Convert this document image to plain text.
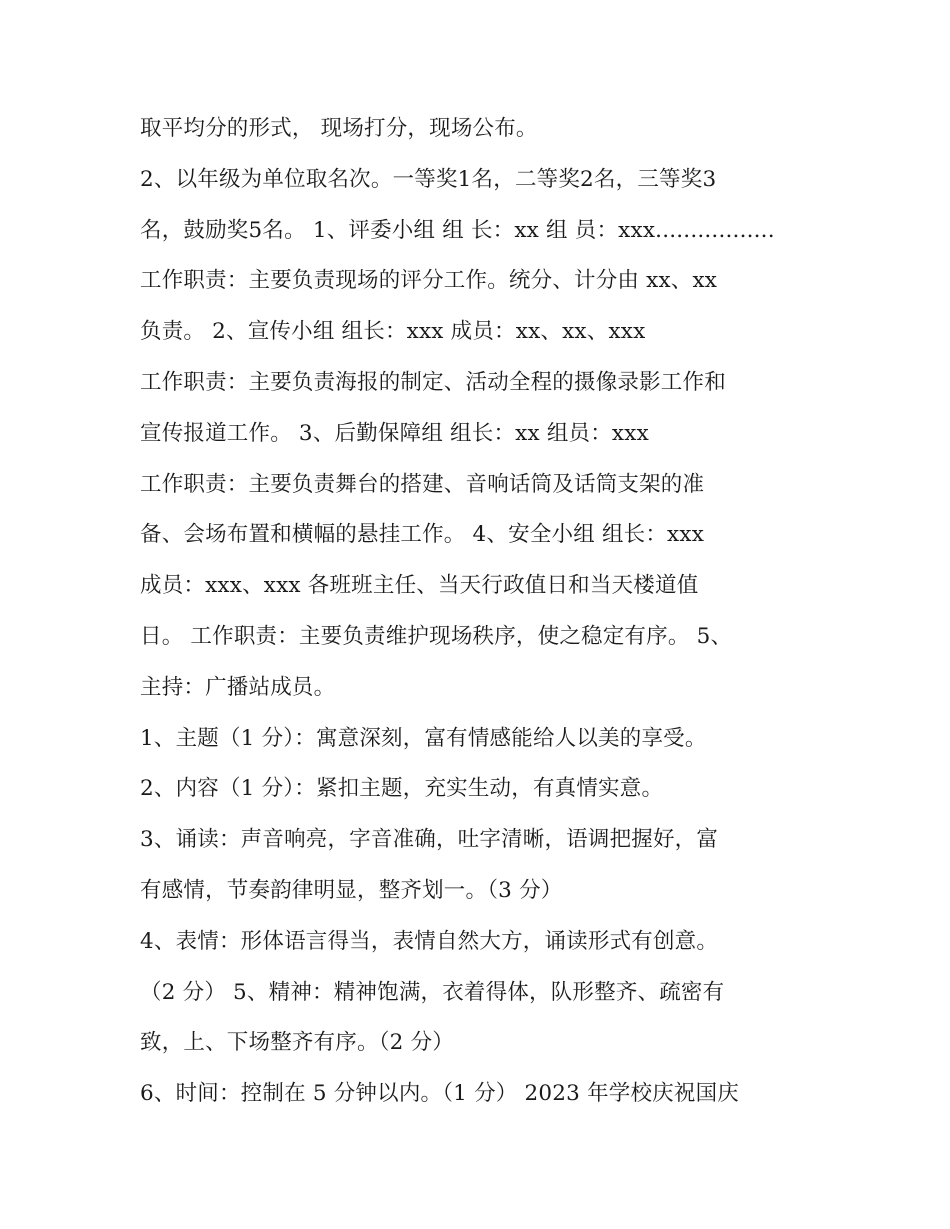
取平均分的形式， 现场打分，现场公布。
2、以年级为单位取名次。一等奖1名，二等奖2名，三等奖3
名，鼓励奖5名。 1、评委小组 组 长：xx 组 员：xxx.................
工作职责：主要负责现场的评分工作。统分、计分由 xx、xx
负责。 2、宣传小组 组长：xxx 成员：xx、xx、xxx
工作职责：主要负责海报的制定、活动全程的摄像录影工作和
宣传报道工作。 3、后勤保障组 组长：xx 组员：xxx
工作职责：主要负责舞台的搭建、音响话筒及话筒支架的准
备、会场布置和横幅的悬挂工作。 4、安全小组 组长：xxx
成员：xxx、xxx 各班班主任、当天行政值日和当天楼道值
日。 工作职责：主要负责维护现场秩序，使之稳定有序。 5、
主持：广播站成员。
1、主题（1 分）：寓意深刻，富有情感能给人以美的享受。
2、内容（1 分）：紧扣主题，充实生动，有真情实意。
3、诵读：声音响亮，字音准确，吐字清晰，语调把握好，富
有感情，节奏韵律明显，整齐划一。（3 分）
4、表情：形体语言得当，表情自然大方，诵读形式有创意。
（2 分） 5、精神：精神饱满，衣着得体，队形整齐、疏密有
致，上、下场整齐有序。（2 分）
6、时间：控制在 5 分钟以内。（1 分） 2023 年学校庆祝国庆
